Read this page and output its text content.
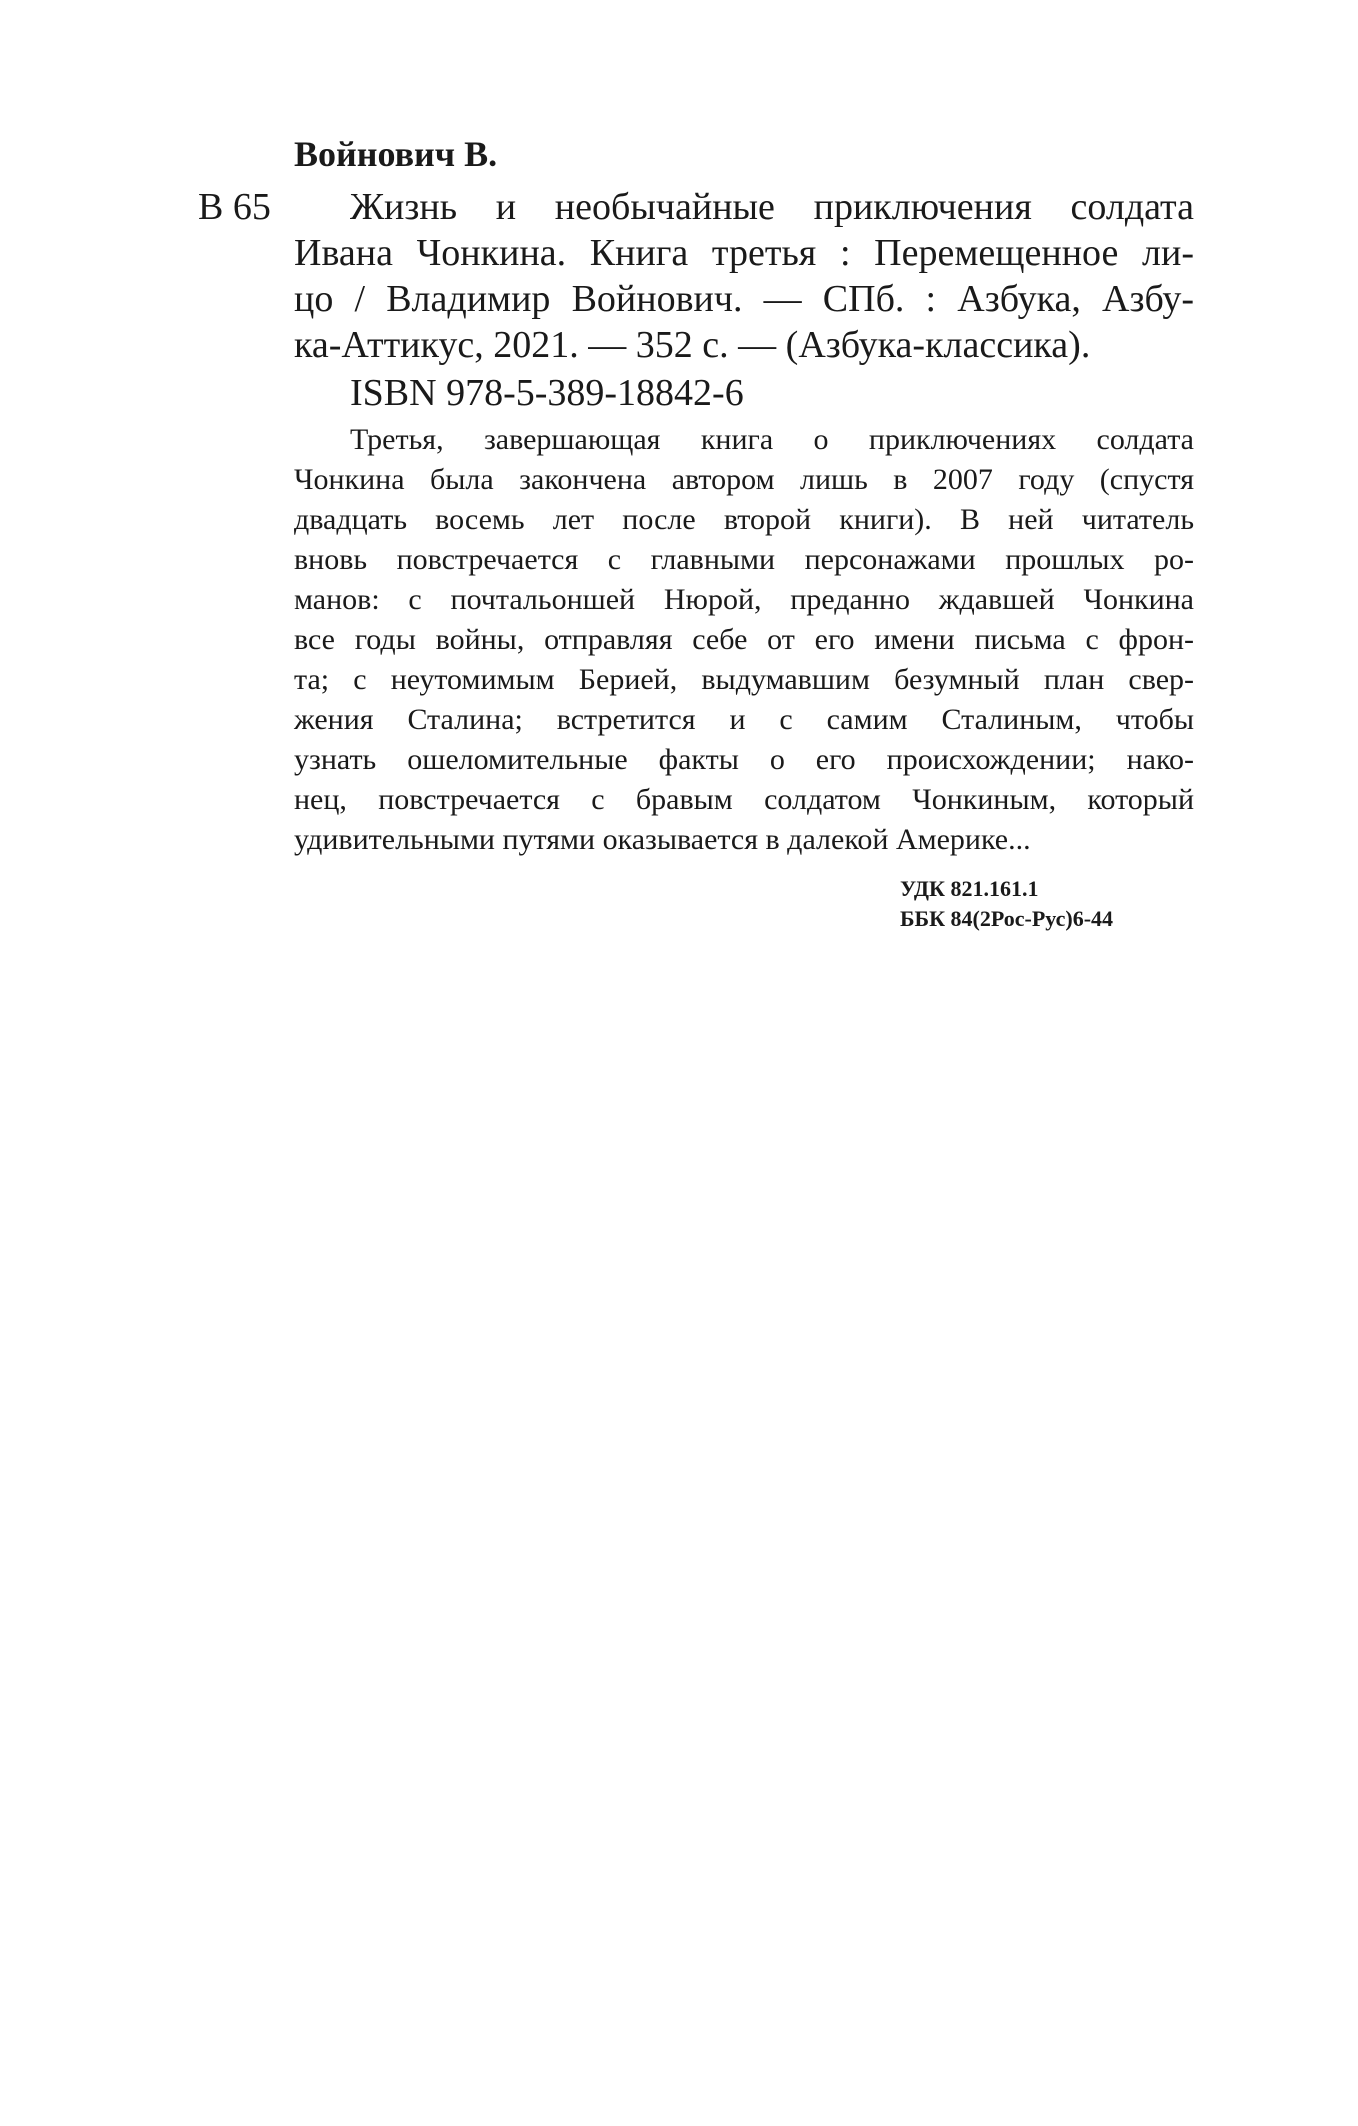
Войнович В.
В 65	Жизнь и необычайные приключения солдата
Ивана Чонкина. Книга третья : Перемещенное ли-
цо / Владимир Войнович. — СПб. : Азбука, Азбу-
ка-Аттикус, 2021. — 352 с. — (Азбука-классика).
ISBN 978-5-389-18842-6
Третья, завершающая книга о приключениях солдата
Чонкина была закончена автором лишь в 2007 году (спустя
двадцать восемь лет после второй книги). В ней читатель
вновь повстречается с главными персонажами прошлых ро-
манов: с почтальоншей Нюрой, преданно ждавшей Чонкина
все годы войны, отправляя себе от его имени письма с фрон-
та; с неутомимым Берией, выдумавшим безумный план свер-
жения Сталина; встретится и с самим Сталиным, чтобы
узнать ошеломительные факты о его происхождении; нако-
нец, повстречается с бравым солдатом Чонкиным, который
удивительными путями оказывается в далекой Америке...
УДК 821.161.1
ББК 84(2Рос-Рус)6-44
